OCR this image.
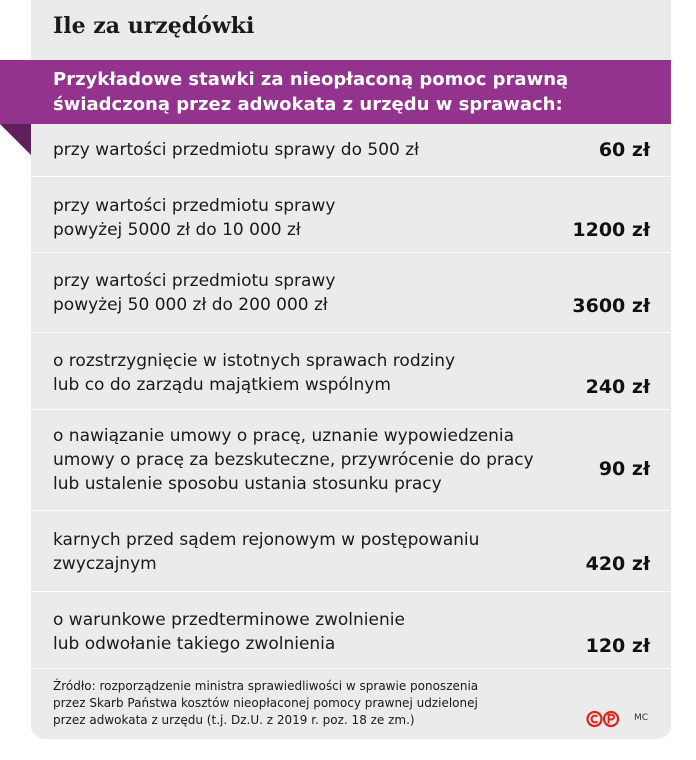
Ile za urzędówki
Przykładowe stawki za nieopłaconą pomoc prawną
świadczoną przez adwokata z urzędu w sprawach:
przy wartości przedmiotu sprawy do 500 zł	60 zł
przy wartości przedmiotu sprawy
powyżej 5000 zł do 10 000 zł	1200 zł
przy wartości przedmiotu sprawy
powyżej 50 000 zł do 200 000 zł	3600 zł
o rozstrzygnięcie w istotnych sprawach rodziny
lub co do zarządu majątkiem wspólnym	240 zł
o nawiązanie umowy o pracę, uznanie wypowiedzenia
umowy o pracę za bezskuteczne, przywrócenie do pracy
lub ustalenie sposobu ustania stosunku pracy
90 zł
karnych przed sądem rejonowym w postępowaniu
zwyczajnym	420 zł
o warunkowe przedterminowe zwolnienie
lub odwołanie takiego zwolnienia	120 zł
Źródło: rozporządzenie ministra sprawiedliwości w sprawie ponoszenia
przez Skarb Państwa kosztów nieopłaconej pomocy prawnej udzielonej
przez adwokata z urzędu (t.j. Dz.U. z 2019 r. poz. 18 ze zm.)	MC
